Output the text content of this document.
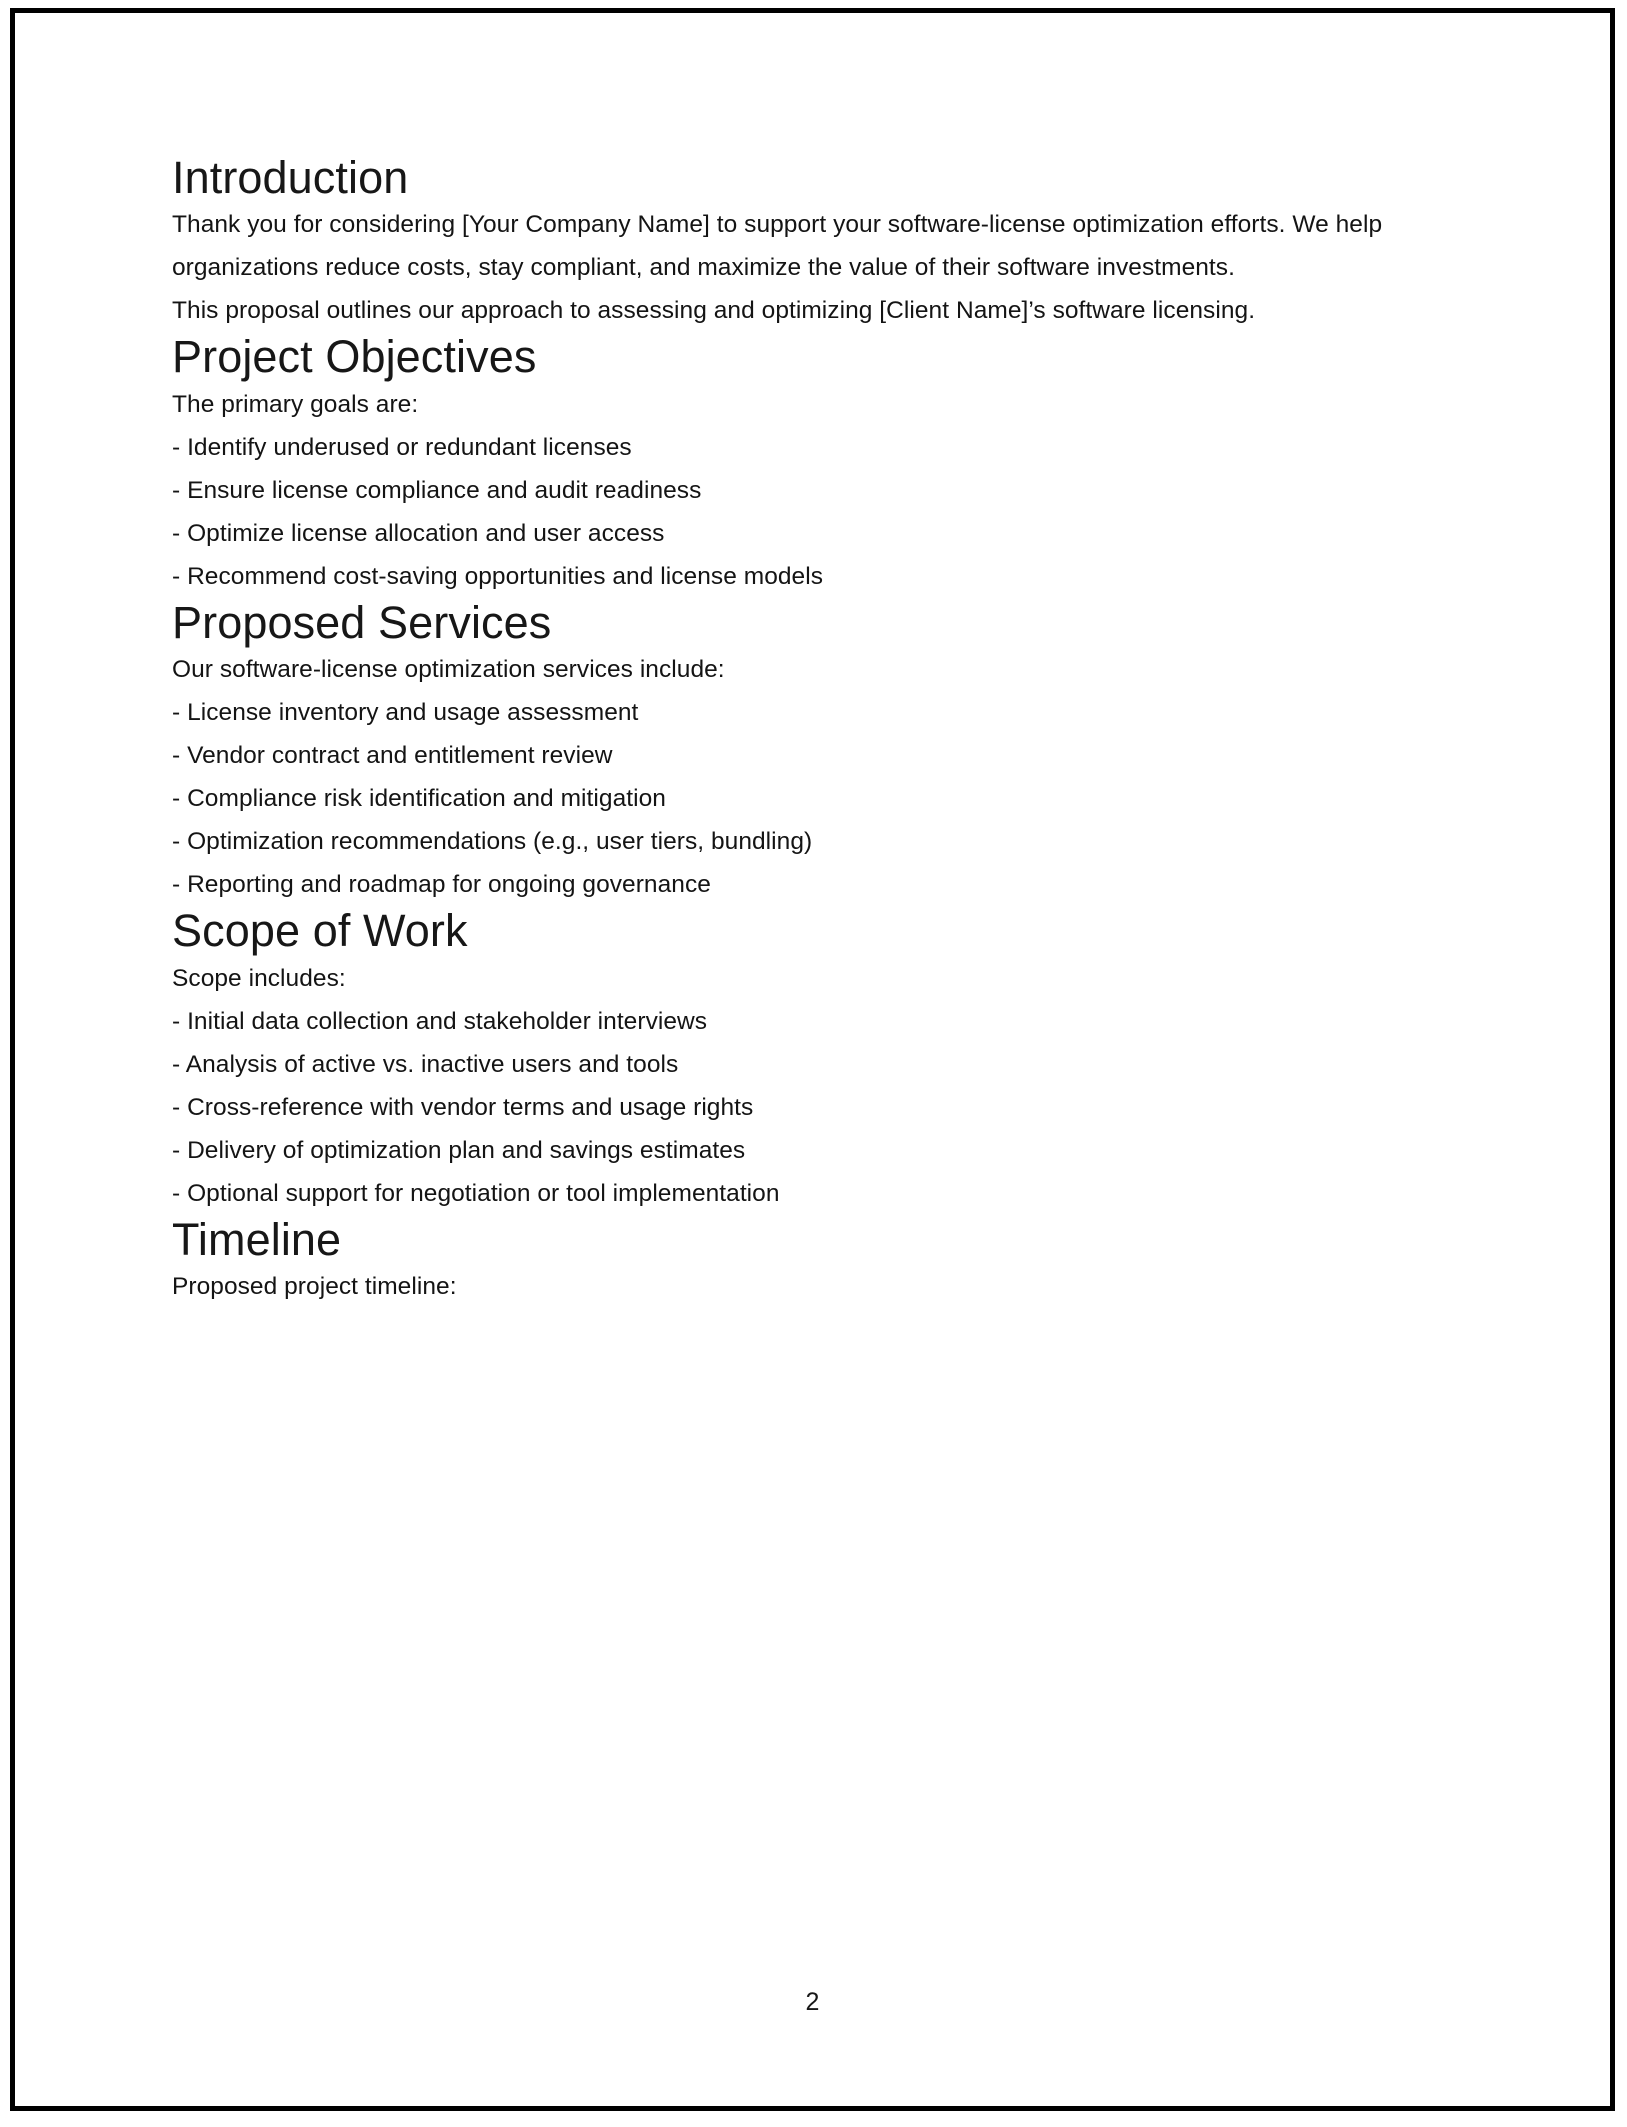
Introduction

Thank you for considering [Your Company Name] to support your software-license optimization efforts. We help organizations reduce costs, stay compliant, and maximize the value of their software investments.

This proposal outlines our approach to assessing and optimizing [Client Name]’s software licensing.

Project Objectives

The primary goals are:

- Identify underused or redundant licenses
- Ensure license compliance and audit readiness
- Optimize license allocation and user access
- Recommend cost-saving opportunities and license models
Proposed Services

Our software-license optimization services include:

- License inventory and usage assessment
- Vendor contract and entitlement review
- Compliance risk identification and mitigation
- Optimization recommendations (e.g., user tiers, bundling)
- Reporting and roadmap for ongoing governance
Scope of Work

Scope includes:

- Initial data collection and stakeholder interviews
- Analysis of active vs. inactive users and tools
- Cross-reference with vendor terms and usage rights
- Delivery of optimization plan and savings estimates
- Optional support for negotiation or tool implementation
Timeline

Proposed project timeline:

2
